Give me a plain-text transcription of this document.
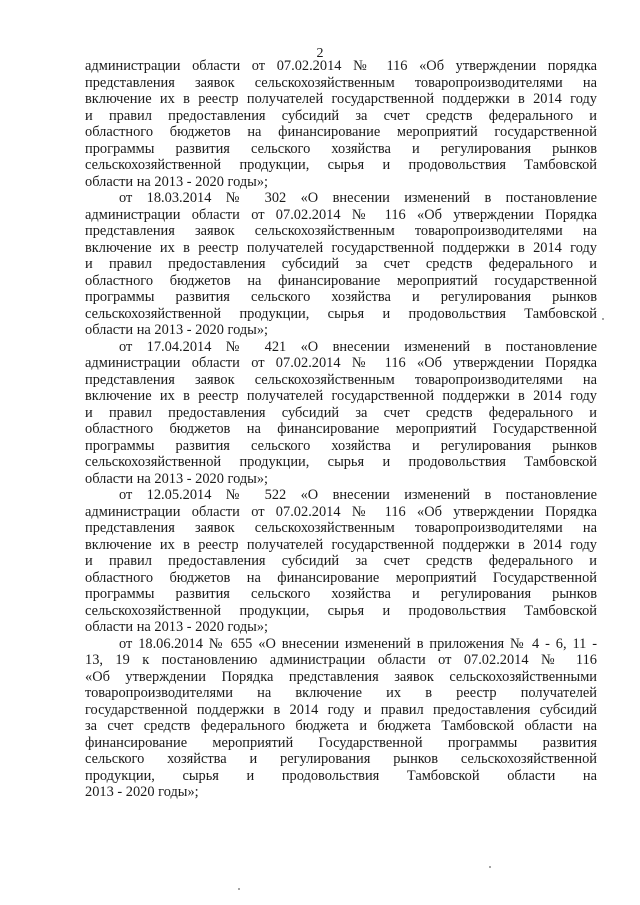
2
администрации области от 07.02.2014 № 116 «Об утверждении порядка
представления заявок сельскохозяйственным товаропроизводителями на
включение их в реестр получателей государственной поддержки в 2014 году
и правил предоставления субсидий за счет средств федерального и
областного бюджетов на финансирование мероприятий государственной
программы развития сельского хозяйства и регулирования рынков
сельскохозяйственной продукции, сырья и продовольствия Тамбовской
области на 2013 - 2020 годы»;
от 18.03.2014 № 302 «О внесении изменений в постановление
администрации области от 07.02.2014 № 116 «Об утверждении Порядка
представления заявок сельскохозяйственным товаропроизводителями на
включение их в реестр получателей государственной поддержки в 2014 году
и правил предоставления субсидий за счет средств федерального и
областного бюджетов на финансирование мероприятий государственной
программы развития сельского хозяйства и регулирования рынков
сельскохозяйственной продукции, сырья и продовольствия Тамбовской
области на 2013 - 2020 годы»;
от 17.04.2014 № 421 «О внесении изменений в постановление
администрации области от 07.02.2014 № 116 «Об утверждении Порядка
представления заявок сельскохозяйственным товаропроизводителями на
включение их в реестр получателей государственной поддержки в 2014 году
и правил предоставления субсидий за счет средств федерального и
областного бюджетов на финансирование мероприятий Государственной
программы развития сельского хозяйства и регулирования рынков
сельскохозяйственной продукции, сырья и продовольствия Тамбовской
области на 2013 - 2020 годы»;
от 12.05.2014 № 522 «О внесении изменений в постановление
администрации области от 07.02.2014 № 116 «Об утверждении Порядка
представления заявок сельскохозяйственным товаропроизводителями на
включение их в реестр получателей государственной поддержки в 2014 году
и правил предоставления субсидий за счет средств федерального и
областного бюджетов на финансирование мероприятий Государственной
программы развития сельского хозяйства и регулирования рынков
сельскохозяйственной продукции, сырья и продовольствия Тамбовской
области на 2013 - 2020 годы»;
от 18.06.2014 № 655 «О внесении изменений в приложения № 4 - 6, 11 -
13, 19 к постановлению администрации области от 07.02.2014 № 116
«Об утверждении Порядка представления заявок сельскохозяйственными
товаропроизводителями на включение их в реестр получателей
государственной поддержки в 2014 году и правил предоставления субсидий
за счет средств федерального бюджета и бюджета Тамбовской области на
финансирование мероприятий Государственной программы развития
сельского хозяйства и регулирования рынков сельскохозяйственной
продукции, сырья и продовольствия Тамбовской области на
2013 - 2020 годы»;
